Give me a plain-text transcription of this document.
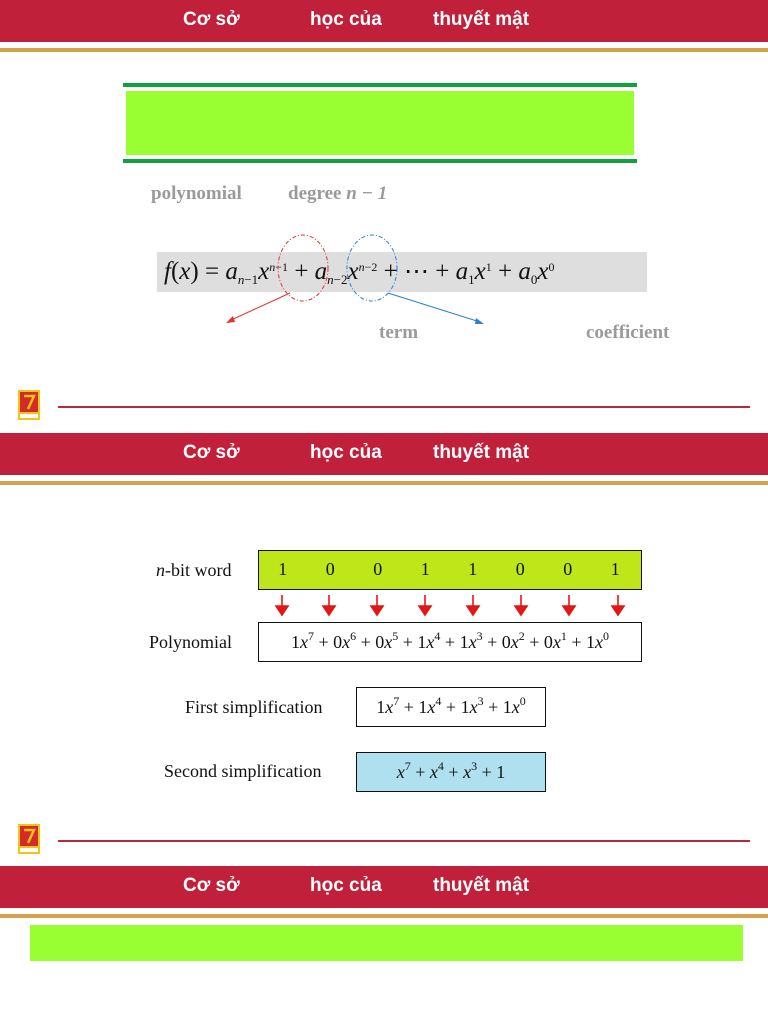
Cơ sở	học của	thuyết mật
polynomial degree n − 1
$f(x) = a_{n-1}x^{n-1} + a_{n-2}x^{n-2}$ + ⋯ + $a_1x^1 + a_0x^0$
term	coefficient
Cơ sở	học của	thuyết mật
n-bit word	1	0	0	1	1	0	0	1
Polynomial	$1x^7 + 0x^6 + 0x^5 + 1x^4 + 1x^3 + 0x^2 + 0x^1 + 1x^0$
First simplification	$1x^7 + 1x^4 + 1x^3 + 1x^0$
Second simplification	$x^7 + x^4 + x^3 + 1$
Cơ sở	học của	thuyết mật
